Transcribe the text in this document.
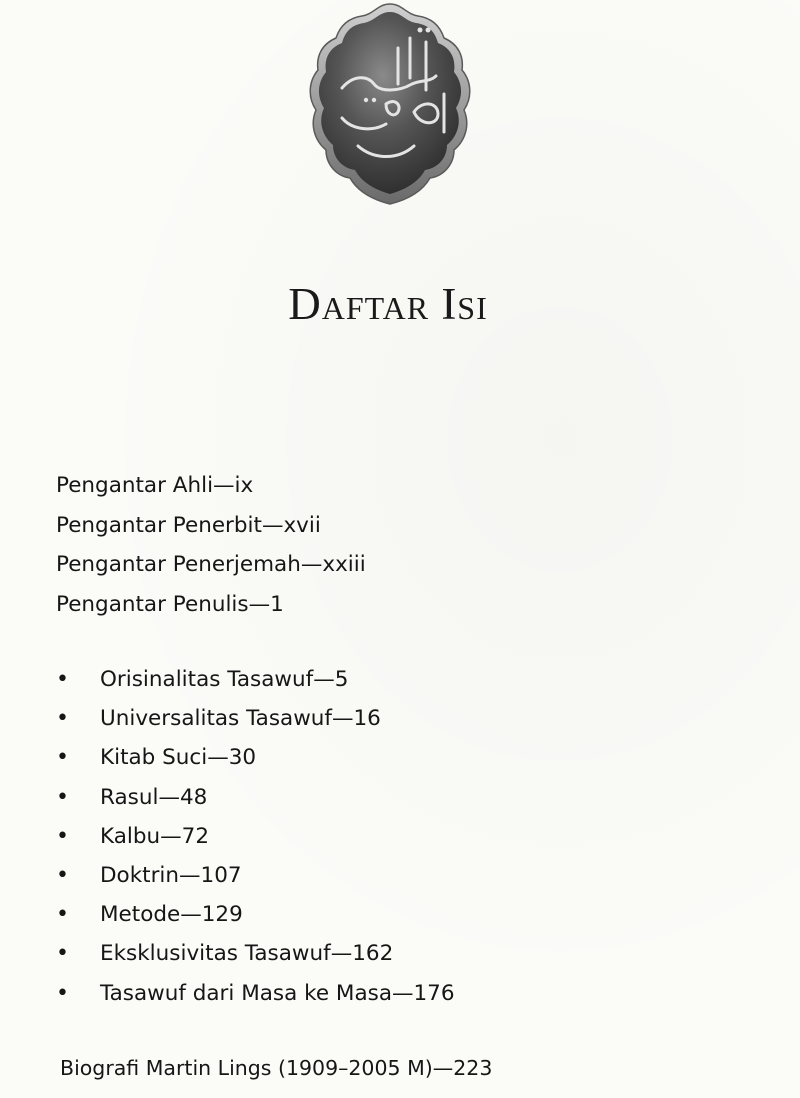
Daftar Isi
Pengantar Ahli—ix
Pengantar Penerbit—xvii
Pengantar Penerjemah—xxiii
Pengantar Penulis—1
•	Orisinalitas Tasawuf—5
•	Universalitas Tasawuf—16
•	Kitab Suci—30
•	Rasul—48
•	Kalbu—72
•	Doktrin—107
•	Metode—129
•	Eksklusivitas Tasawuf—162
•	Tasawuf dari Masa ke Masa—176
Biografi Martin Lings (1909–2005 M)—223
